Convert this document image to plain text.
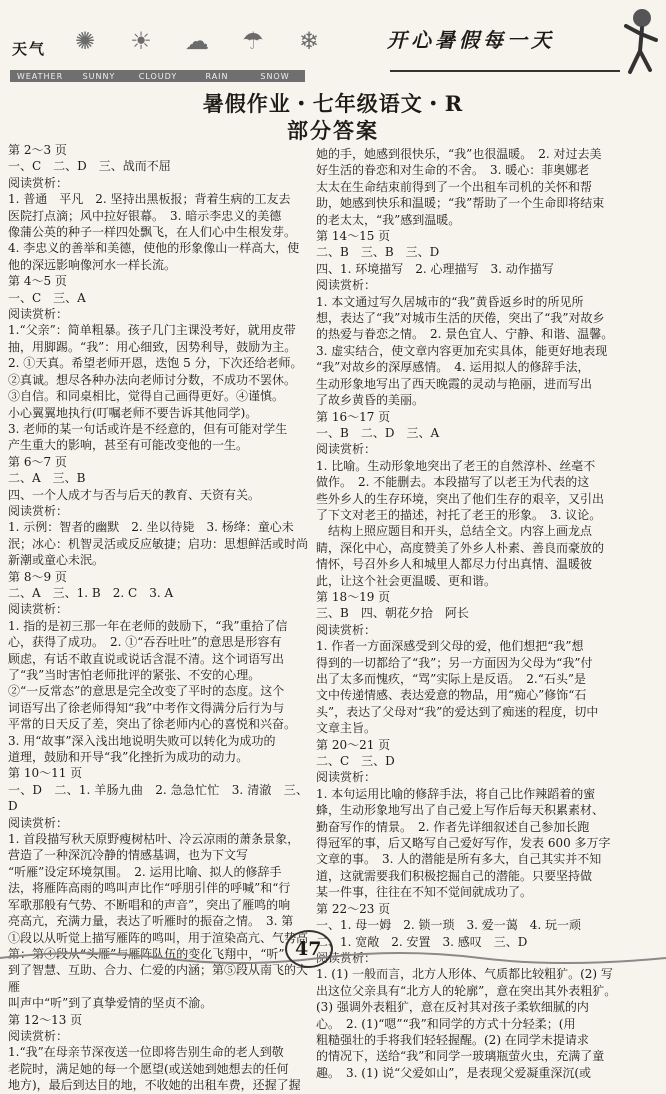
天气 ✺ ☀ ☁ ☂ ❄
WEATHER	SUNNY	CLOUDY	RAIN	SNOW
开心暑假每一天
暑假作业・七年级语文・R
部分答案

第 2～3 页

一、C　二、D　三、战而不屈

阅读赏析：

1. 普通　平凡　2. 坚持出黑板报；背着生病的工友去

医院打点滴；风中拉好银幕。　3. 暗示李忠义的美德

像蒲公英的种子一样四处飘飞，在人们心中生根发芽。

4. 李忠义的善举和美德，使他的形象像山一样高大，使

他的深远影响像河水一样长流。

第 4～5 页

一、C　三、A

阅读赏析：

1.“父亲”：简单粗暴。孩子几门主课没考好，就用皮带

抽，用脚踢。“我”：用心细致，因势利导，鼓励为主。

2. ①天真。希望老师开恩，迭饱 5 分，下次还给老师。

②真诚。想尽各种办法向老师讨分数，不成功不罢休。

③自信。和同桌相比，觉得自己画得更好。④谨慎。

小心翼翼地执行(叮嘱老师不要告诉其他同学)。

3. 老师的某一句话或许是不经意的，但有可能对学生

产生重大的影响，甚至有可能改变他的一生。

第 6～7 页

二、A　三、B

四、一个人成才与否与后天的教育、天资有关。

阅读赏析：

1. 示例：智者的幽默　2. 坐以待毙　3. 杨绛：童心未

泯；冰心：机智灵活或反应敏捷；启功：思想鲜活或时尚

新潮或童心未泯。

第 8～9 页

二、A　三、1. B　2. C　3. A

阅读赏析：

1. 指的是初三那一年在老师的鼓励下，“我”重拾了信

心，获得了成功。　2. ①“吞吞吐吐”的意思是形容有

顾虑，有话不敢直说或说话含混不清。这个词语写出

了“我”当时害怕老师批评的紧张、不安的心理。

②“一反常态”的意思是完全改变了平时的态度。这个

词语写出了徐老师得知“我”中考作文得满分后行为与

平常的日天反了差，突出了徐老师内心的喜悦和兴奋。

3. 用“故事”深入浅出地说明失败可以转化为成功的

道理，鼓励和开导“我”化挫折为成功的动力。

第 10～11 页

一、D　二、1. 羊肠九曲　2. 急急忙忙　3. 清澈　三、D

阅读赏析：

1. 首段描写秋天原野瘦树枯叶、冷云凉雨的萧条景象，

营造了一种深沉冷静的情感基调，也为下文写

“听雁”设定环境氛围。　2. 运用比喻、拟人的修辞手

法，将雁阵高雨的鸣叫声比作“呼朋引伴的呼喊”和“行

军歌那般有气势、不断唱和的声音”，突出了雁鸣的响

亮高亢，充满力量，表达了听雁时的振奋之情。　3. 第

①段以从听觉上描写雁阵的鸣叫，用于渲染高亢、气势高

第：第④段从“头雁”与雁阵队伍的变化飞翔中，“听”

到了智慧、互助、合力、仁爱的内涵；第⑤段从南飞的大雁

叫声中“听”到了真挚爱情的坚贞不渝。

第 12～13 页

阅读赏析：

1.“我”在母亲节深夜送一位即将告别生命的老人到敬

老院时，满足她的每一个愿望(或送她到她想去的任何

地方)，最后到达目的地，不收她的出租车费，还握了握

她的手，她感到很快乐，“我”也很温暖。　2. 对过去美

好生活的眷恋和对生命的不舍。　3. 暖心：菲奥娜老

太太在生命结束前得到了一个出租车司机的关怀和帮

助，她感到快乐和温暖；“我”帮助了一个生命即将结束

的老太太，“我”感到温暖。

第 14～15 页

二、B　三、B　三、D

四、1. 环境描写　2. 心理描写　3. 动作描写

阅读赏析：

1. 本文通过写久居城市的“我”黄昏返乡时的所见所

想，表达了“我”对城市生活的厌倦，突出了“我”对故乡

的热爱与眷恋之情。　2. 景色宜人、宁静、和谐、温馨。

3. 虚实结合，使文章内容更加充实具体，能更好地表现

“我”对故乡的深厚感情。　4. 运用拟人的修辞手法，

生动形象地写出了西天晚霞的灵动与艳丽，进而写出

了故乡黄昏的美丽。

第 16～17 页

一、B　二、D　三、A

阅读赏析：

1. 比喻。生动形象地突出了老王的自然淳朴、丝毫不

做作。　2. 不能删去。本段描写了以老王为代表的这

些外乡人的生存环境，突出了他们生存的艰辛，又引出

了下文对老王的描述，衬托了老王的形象。　3. 议论。

　结构上照应题目和开头，总结全文。内容上画龙点

睛，深化中心，高度赞美了外乡人朴素、善良而豪放的

情怀，号召外乡人和城里人都尽力付出真情、温暖彼

此，让这个社会更温暖、更和谐。

第 18～19 页

三、B　四、朝花夕拾　阿长

阅读赏析：

1. 作者一方面深感受到父母的爱，他们想把“我”想

得到的一切都给了“我”；另一方面因为父母为“我”付

出了太多而愧疚，“骂”实际上是反语。　2.“石头”是

文中传递情感、表达爱意的物品，用“痴心”修饰“石

头”，表达了父母对“我”的爱达到了痴迷的程度，切中

文章主旨。

第 20～21 页

二、C　三、D

阅读赏析：

1. 本句运用比喻的修辞手法，将自己比作辣蹈着的蜜

蜂，生动形象地写出了自己爱上写作后每天积累素材、

勤奋写作的情景。　2. 作者先详细叙述自己参加长跑

得冠军的事，后又略写自己爱好写作，发表 600 多万字

文章的事。　3. 人的潜能是所有多大，自己其实并不知

道，这就需要我们积极挖掘自己的潜能。只要坚持做

某一件事，往往在不知不觉间就成功了。

第 22～23 页

一、1. 母一姆　2. 锁一琐　3. 爱一蔼　4. 玩一顽

二、1. 宽敞　2. 安置　3. 感叹　三、D

阅读赏析：

1. (1) 一般而言，北方人形体、气质都比较粗犷。(2) 写

出这位父亲具有“北方人的轮廓”，意在突出其外表粗犷。

(3) 强调外表粗犷，意在反衬其对孩子柔软细腻的内

心。　2. (1)“嗯”“我”和同学的方式十分轻柔；(用

粗糙强壮的手将我们轻轻握醒。(2) 在同学未提请求

的情况下，送给“我”和同学一玻璃瓶萤火虫，充满了童

趣。　3. (1) 说“父爱如山”，是表现父爱凝重深沉(或

47
